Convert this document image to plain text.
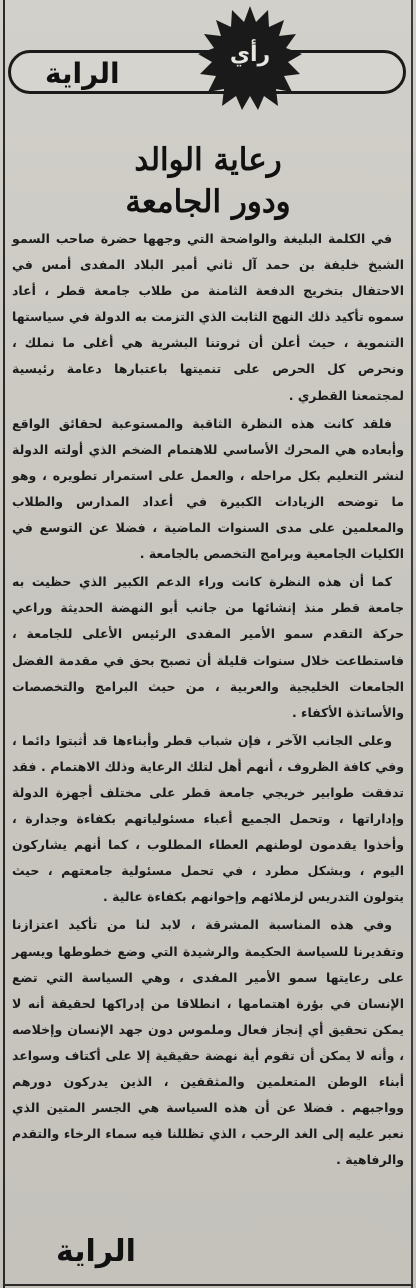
الراية
رأي
رعاية الوالد
ودور الجامعة

في الكلمة البليغة والواضحة التي وجهها حضرة صاحب السمو الشيخ خليفة بن حمد آل ثاني أمير البلاد المفدى أمس في الاحتفال بتخريج الدفعة الثامنة من طلاب جامعة قطر ، أعاد سموه تأكيد ذلك النهج الثابت الذي التزمت به الدولة في سياستها التنموية ، حيث أعلن أن ثروتنا البشرية هي أغلى ما نملك ، ونحرص كل الحرص على تنميتها باعتبارها دعامة رئيسية لمجتمعنا القطري .

فلقد كانت هذه النظرة الثاقبة والمستوعبة لحقائق الواقع وأبعاده هي المحرك الأساسي للاهتمام الضخم الذي أولته الدولة لنشر التعليم بكل مراحله ، والعمل على استمرار تطويره ، وهو ما توضحه الزيادات الكبيرة في أعداد المدارس والطلاب والمعلمين على مدى السنوات الماضية ، فضلا عن التوسع في الكليات الجامعية وبرامج التخصص بالجامعة .

كما أن هذه النظرة كانت وراء الدعم الكبير الذي حظيت به جامعة قطر منذ إنشائها من جانب أبو النهضة الحديثة وراعي حركة التقدم سمو الأمير المفدى الرئيس الأعلى للجامعة ، فاستطاعت خلال سنوات قليلة أن تصبح بحق في مقدمة الفضل الجامعات الخليجية والعربية ، من حيث البرامج والتخصصات والأساتذة الأكفاء .

وعلى الجانب الآخر ، فإن شباب قطر وأبناءها قد أثبتوا دائما ، وفي كافة الظروف ، أنهم أهل لتلك الرعاية وذلك الاهتمام . فقد تدفقت طوابير خريجي جامعة قطر على مختلف أجهزة الدولة وإداراتها ، وتحمل الجميع أعباء مسئولياتهم بكفاءة وجدارة ، وأخذوا يقدمون لوطنهم العطاء المطلوب ، كما أنهم يشاركون اليوم ، وبشكل مطرد ، في تحمل مسئولية جامعتهم ، حيث يتولون التدريس لزملائهم وإخوانهم بكفاءة عالية .

وفي هذه المناسبة المشرقة ، لابد لنا من تأكيد اعتزازنا وتقديرنا للسياسة الحكيمة والرشيدة التي وضع خطوطها ويسهر على رعايتها سمو الأمير المفدى ، وهي السياسة التي تضع الإنسان في بؤرة اهتمامها ، انطلاقا من إدراكها لحقيقة أنه لا يمكن تحقيق أي إنجاز فعال وملموس دون جهد الإنسان وإخلاصه ، وأنه لا يمكن أن تقوم أية نهضة حقيقية إلا على أكتاف وسواعد أبناء الوطن المتعلمين والمثقفين ، الذين يدركون دورهم وواجبهم . فضلا عن أن هذه السياسة هي الجسر المتين الذي نعبر عليه إلى الغد الرحب ، الذي تظللنا فيه سماء الرخاء والتقدم والرفاهية .

الراية
